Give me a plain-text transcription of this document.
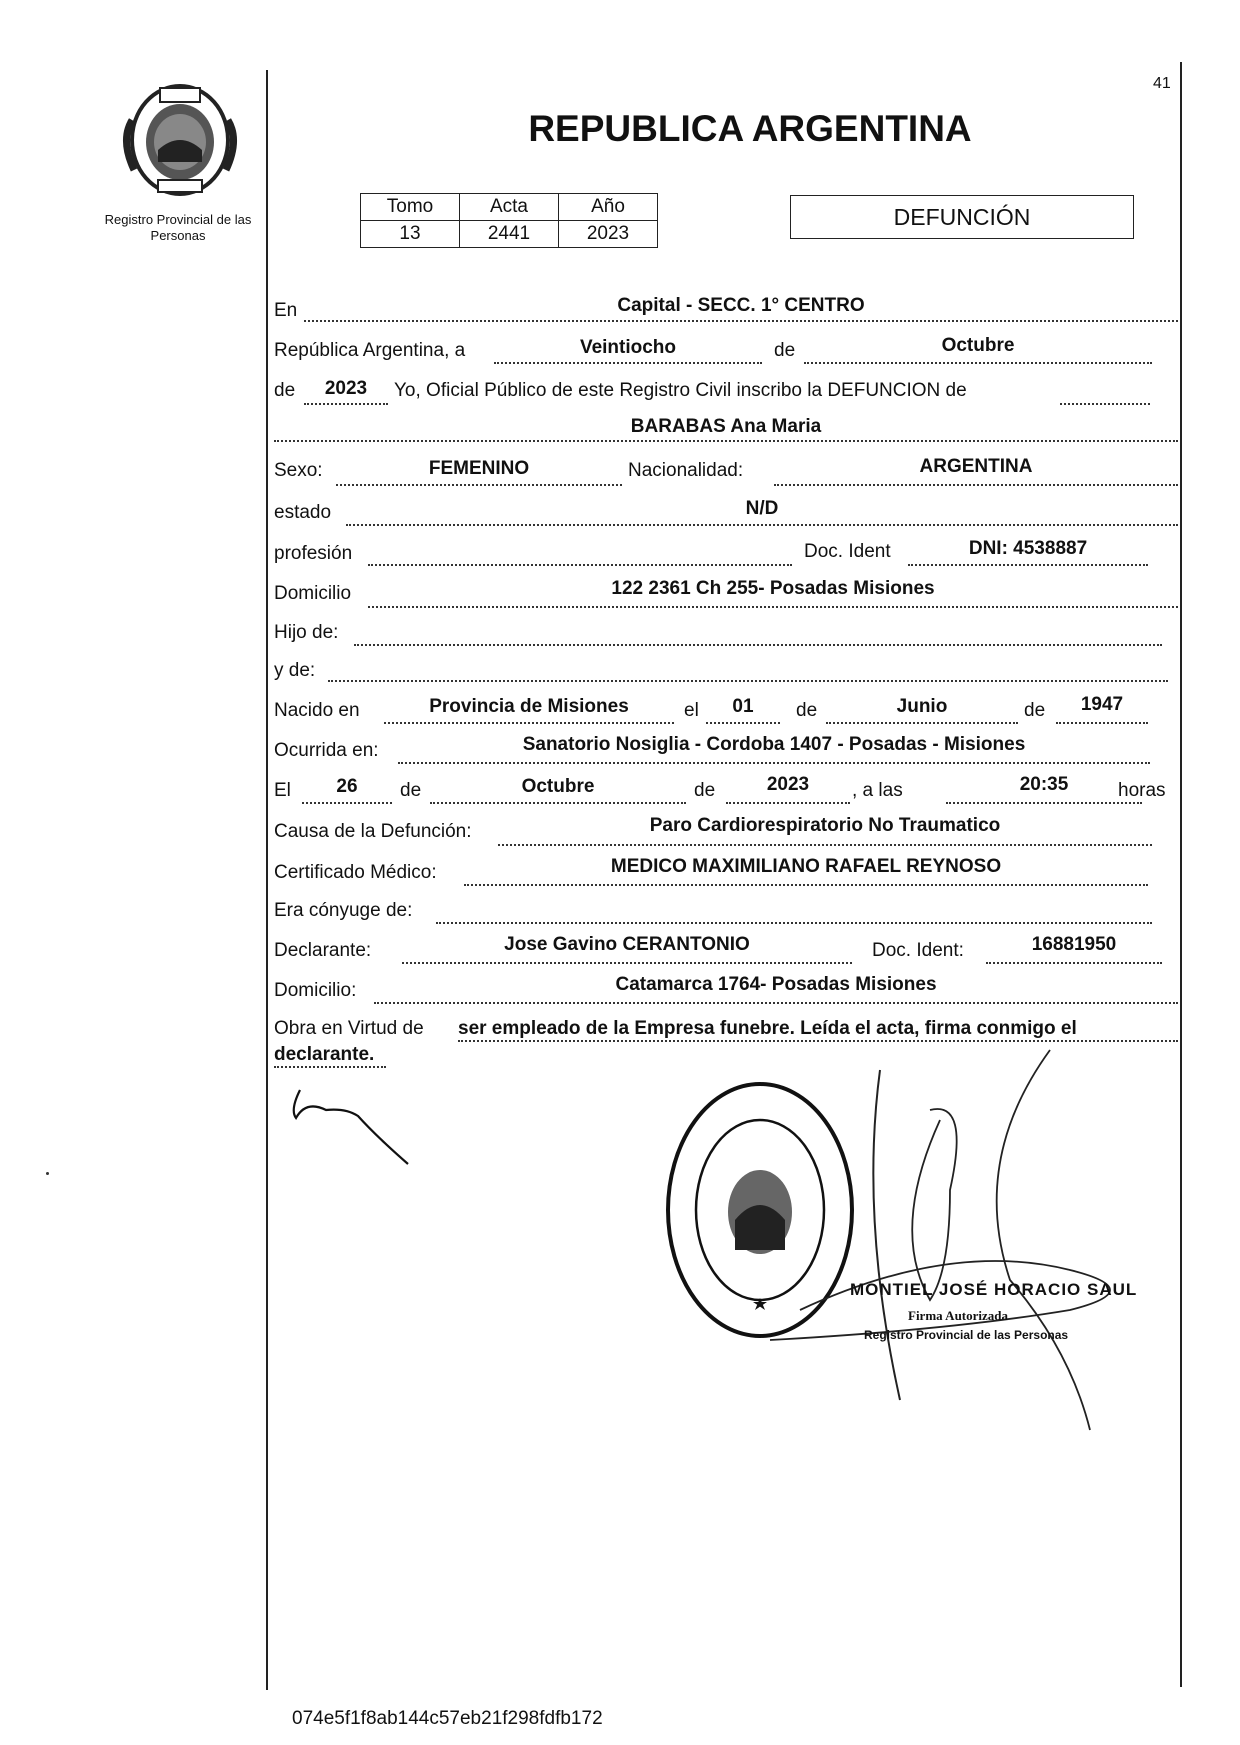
41
Registro Provincial de las Personas
REPUBLICA ARGENTINA
Tomo	Acta	Año
13	2441	2023
DEFUNCIÓN
En	Capital - SECC. 1° CENTRO
República Argentina, a	Veintiocho	de	Octubre
de	2023	Yo, Oficial Público de este Registro Civil inscribo la DEFUNCION de
BARABAS Ana Maria
Sexo:	FEMENINO	Nacionalidad:	ARGENTINA
estado	N/D
profesión	Doc. Ident	DNI: 4538887
Domicilio	122 2361 Ch 255- Posadas Misiones
Hijo de:
y de:
Nacido en	Provincia de Misiones	el	01	de	Junio	de	1947
Ocurrida en:	Sanatorio Nosiglia - Cordoba 1407 - Posadas - Misiones
El	26	de	Octubre	de	2023	, a las	20:35	horas
Causa de la Defunción:	Paro Cardiorespiratorio No Traumatico
Certificado Médico:	MEDICO MAXIMILIANO RAFAEL REYNOSO
Era cónyuge de:
Declarante:	Jose Gavino CERANTONIO	Doc. Ident:	16881950
Domicilio:	Catamarca 1764- Posadas Misiones
Obra en Virtud de ser empleado de la Empresa funebre. Leída el acta, firma conmigo el
declarante.
MONTIEL JOSÉ HORACIO SAUL
Firma Autorizada
Registro Provincial de las Personas
074e5f1f8ab144c57eb21f298fdfb172
